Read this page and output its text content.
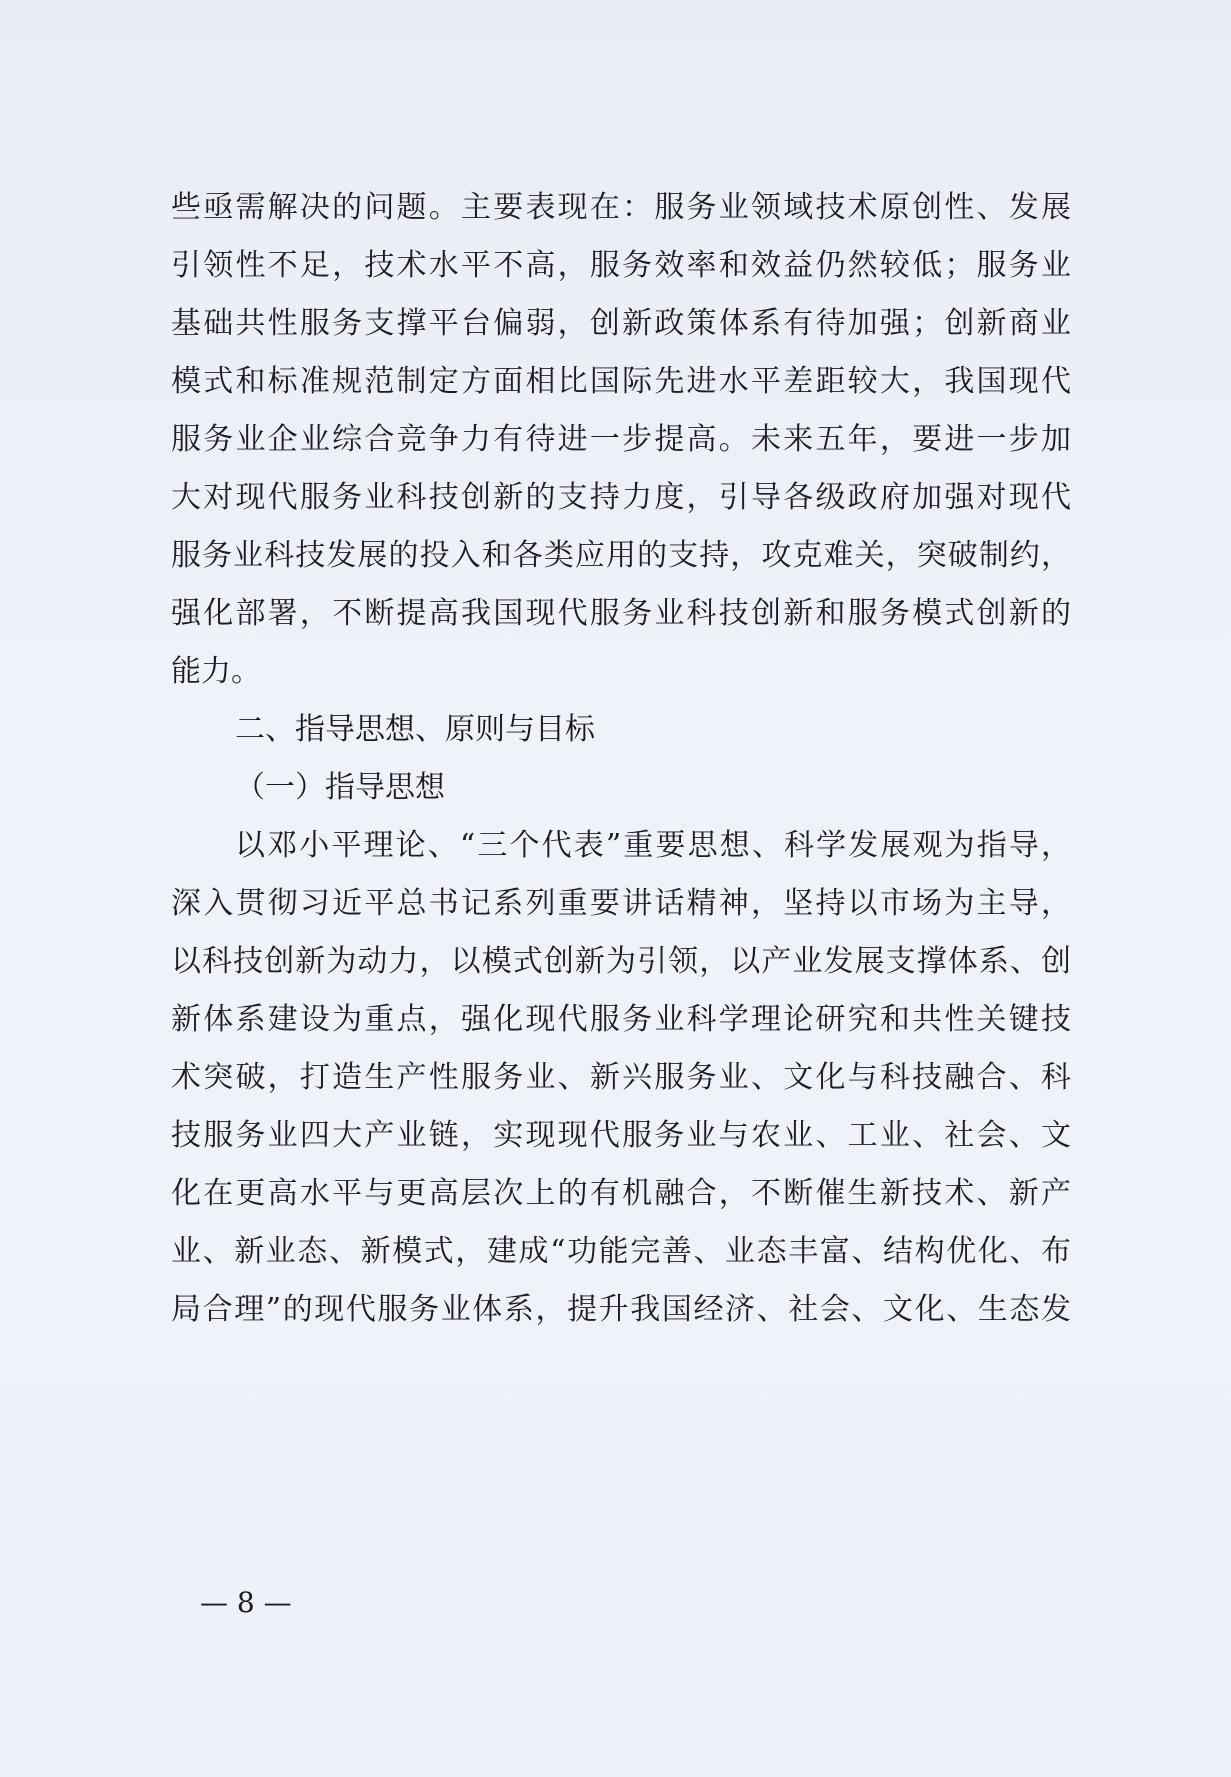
些亟需解决的问题。主要表现在：服务业领域技术原创性、发展
引领性不足，技术水平不高，服务效率和效益仍然较低；服务业
基础共性服务支撑平台偏弱，创新政策体系有待加强；创新商业
模式和标准规范制定方面相比国际先进水平差距较大，我国现代
服务业企业综合竞争力有待进一步提高。未来五年，要进一步加
大对现代服务业科技创新的支持力度，引导各级政府加强对现代
服务业科技发展的投入和各类应用的支持，攻克难关，突破制约，
强化部署，不断提高我国现代服务业科技创新和服务模式创新的
能力。
二、指导思想、原则与目标
（一）指导思想
以邓小平理论、“三个代表”重要思想、科学发展观为指导，
深入贯彻习近平总书记系列重要讲话精神，坚持以市场为主导，
以科技创新为动力，以模式创新为引领，以产业发展支撑体系、创
新体系建设为重点，强化现代服务业科学理论研究和共性关键技
术突破，打造生产性服务业、新兴服务业、文化与科技融合、科
技服务业四大产业链，实现现代服务业与农业、工业、社会、文
化在更高水平与更高层次上的有机融合，不断催生新技术、新产
业、新业态、新模式，建成“功能完善、业态丰富、结构优化、布
局合理”的现代服务业体系，提升我国经济、社会、文化、生态发
— 8 —
